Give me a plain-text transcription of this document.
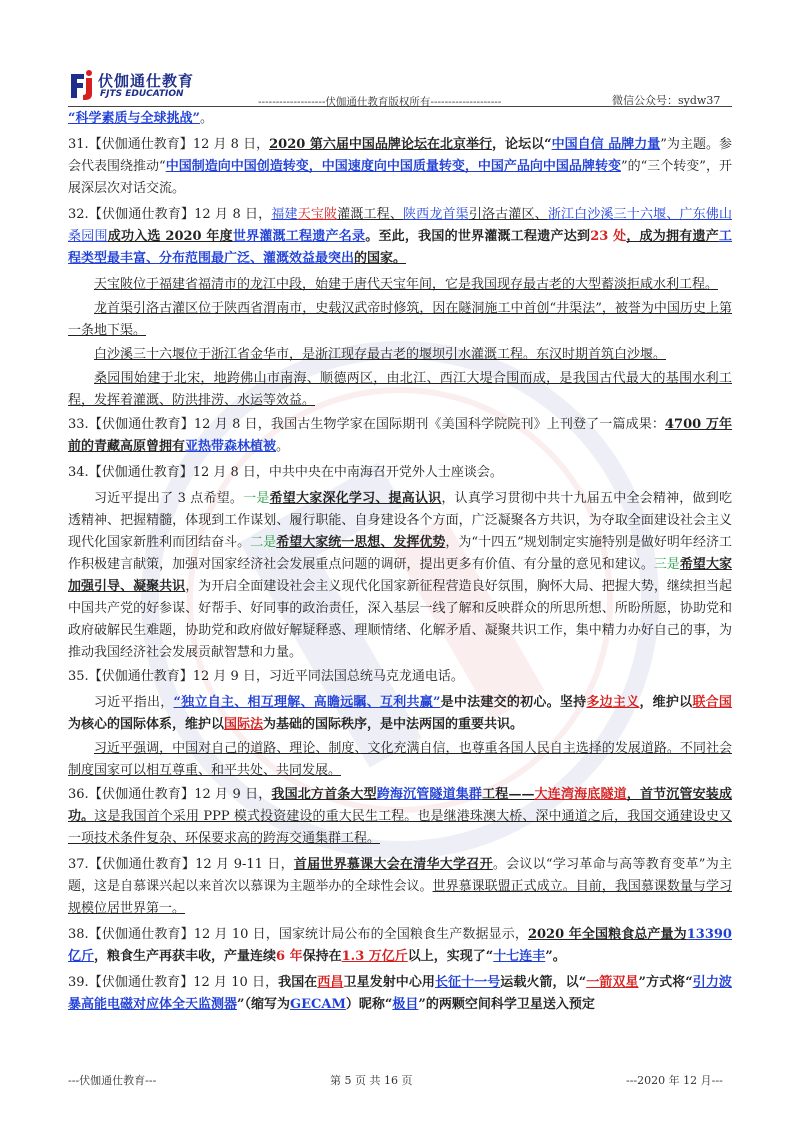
伏伽通仕教育
FJTS EDUCATION
-------------------伏伽通仕教育版权所有--------------------	微信公众号：sydw37

“科学素质与全球挑战”。

31.【伏伽通仕教育】12 月 8 日，2020 第六届中国品牌论坛在北京举行，论坛以“中国自信 品牌力量”为主题。参会代表围绕推动“中国制造向中国创造转变，中国速度向中国质量转变，中国产品向中国品牌转变”的“三个转变”，开展深层次对话交流。

32.【伏伽通仕教育】12 月 8 日，福建天宝陂灌溉工程、陕西龙首渠引洛古灌区、浙江白沙溪三十六堰、广东佛山桑园围成功入选 2020 年度世界灌溉工程遗产名录。至此，我国的世界灌溉工程遗产达到23 处，成为拥有遗产工程类型最丰富、分布范围最广泛、灌溉效益最突出的国家。

天宝陂位于福建省福清市的龙江中段，始建于唐代天宝年间，它是我国现存最古老的大型蓄淡拒咸水利工程。

龙首渠引洛古灌区位于陕西省渭南市，史载汉武帝时修筑，因在隧洞施工中首创“井渠法”，被誉为中国历史上第一条地下渠。

白沙溪三十六堰位于浙江省金华市，是浙江现存最古老的堰坝引水灌溉工程。东汉时期首筑白沙堰。

桑园围始建于北宋，地跨佛山市南海、顺德两区，由北江、西江大堤合围而成，是我国古代最大的基围水利工程，发挥着灌溉、防洪排涝、水运等效益。

33.【伏伽通仕教育】12 月 8 日，我国古生物学家在国际期刊《美国科学院院刊》上刊登了一篇成果：4700 万年前的青藏高原曾拥有亚热带森林植被。

34.【伏伽通仕教育】12 月 8 日，中共中央在中南海召开党外人士座谈会。

习近平提出了 3 点希望。一是希望大家深化学习、提高认识，认真学习贯彻中共十九届五中全会精神，做到吃透精神、把握精髓，体现到工作谋划、履行职能、自身建设各个方面，广泛凝聚各方共识，为夺取全面建设社会主义现代化国家新胜利而团结奋斗。二是希望大家统一思想、发挥优势，为“十四五”规划制定实施特别是做好明年经济工作积极建言献策，加强对国家经济社会发展重点问题的调研，提出更多有价值、有分量的意见和建议。三是希望大家加强引导、凝聚共识，为开启全面建设社会主义现代化国家新征程营造良好氛围，胸怀大局、把握大势，继续担当起中国共产党的好参谋、好帮手、好同事的政治责任，深入基层一线了解和反映群众的所思所想、所盼所愿，协助党和政府破解民生难题，协助党和政府做好解疑释惑、理顺情绪、化解矛盾、凝聚共识工作，集中精力办好自己的事，为推动我国经济社会发展贡献智慧和力量。

35.【伏伽通仕教育】12 月 9 日，习近平同法国总统马克龙通电话。

习近平指出，“独立自主、相互理解、高瞻远瞩、互利共赢”是中法建交的初心。坚持多边主义，维护以联合国为核心的国际体系，维护以国际法为基础的国际秩序，是中法两国的重要共识。

习近平强调，中国对自己的道路、理论、制度、文化充满自信，也尊重各国人民自主选择的发展道路。不同社会制度国家可以相互尊重、和平共处、共同发展。

36.【伏伽通仕教育】12 月 9 日，我国北方首条大型跨海沉管隧道集群工程——大连湾海底隧道，首节沉管安装成功。这是我国首个采用 PPP 模式投资建设的重大民生工程。也是继港珠澳大桥、深中通道之后，我国交通建设史又一项技术条件复杂、环保要求高的跨海交通集群工程。

37.【伏伽通仕教育】12 月 9-11 日，首届世界慕课大会在清华大学召开。会议以“学习革命与高等教育变革”为主题，这是自慕课兴起以来首次以慕课为主题举办的全球性会议。世界慕课联盟正式成立。目前，我国慕课数量与学习规模位居世界第一。

38.【伏伽通仕教育】12 月 10 日，国家统计局公布的全国粮食生产数据显示，2020 年全国粮食总产量为13390 亿斤，粮食生产再获丰收，产量连续6 年保持在1.3 万亿斤以上，实现了“十七连丰”。

39.【伏伽通仕教育】12 月 10 日，我国在西昌卫星发射中心用长征十一号运载火箭，以“一箭双星”方式将“引力波暴高能电磁对应体全天监测器”（缩写为GECAM）昵称“极目”的两颗空间科学卫星送入预定

---伏伽通仕教育---	第 5 页 共 16 页	---2020 年 12 月---
